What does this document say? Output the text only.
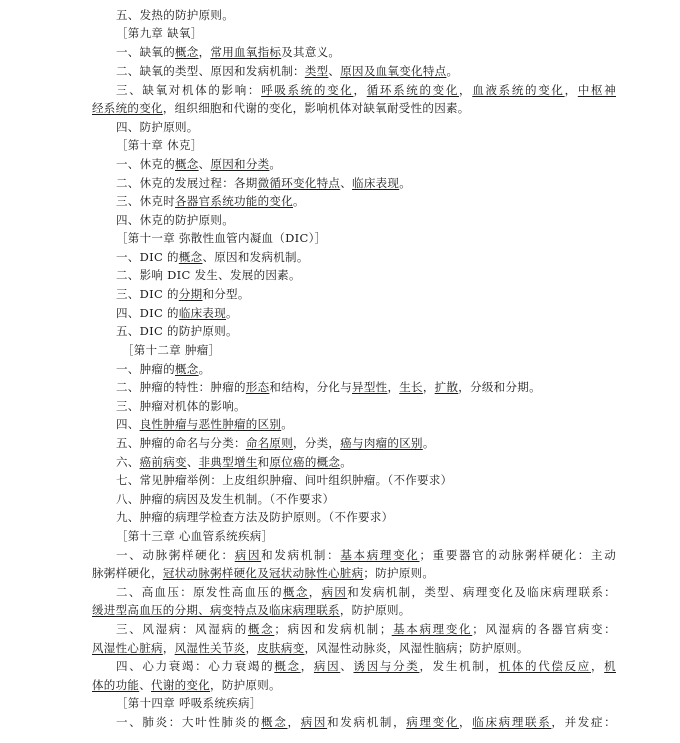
五、发热的防护原则。
［第九章 缺氧］
一、缺氧的概念，常用血氧指标及其意义。
二、缺氧的类型、原因和发病机制：类型、原因及血氧变化特点。
三、缺氧对机体的影响：呼吸系统的变化，循环系统的变化，血液系统的变化，中枢神
经系统的变化，组织细胞和代谢的变化，影响机体对缺氧耐受性的因素。
四、防护原则。
［第十章 休克］
一、休克的概念、原因和分类。
二、休克的发展过程：各期微循环变化特点、临床表现。
三、休克时各器官系统功能的变化。
四、休克的防护原则。
［第十一章 弥散性血管内凝血（DIC）］
一、DIC 的概念、原因和发病机制。
二、影响 DIC 发生、发展的因素。
三、DIC 的分期和分型。
四、DIC 的临床表现。
五、DIC 的防护原则。
［第十二章 肿瘤］
一、肿瘤的概念。
二、肿瘤的特性：肿瘤的形态和结构，分化与异型性，生长，扩散，分级和分期。
三、肿瘤对机体的影响。
四、良性肿瘤与恶性肿瘤的区别。
五、肿瘤的命名与分类：命名原则，分类，癌与肉瘤的区别。
六、癌前病变、非典型增生和原位癌的概念。
七、常见肿瘤举例：上皮组织肿瘤、间叶组织肿瘤。（不作要求）
八、肿瘤的病因及发生机制。（不作要求）
九、肿瘤的病理学检查方法及防护原则。（不作要求）
［第十三章 心血管系统疾病］
一、动脉粥样硬化：病因和发病机制：基本病理变化；重要器官的动脉粥样硬化：主动
脉粥样硬化，冠状动脉粥样硬化及冠状动脉性心脏病；防护原则。
二、高血压：原发性高血压的概念，病因和发病机制，类型、病理变化及临床病理联系：
缓进型高血压的分期、病变特点及临床病理联系，防护原则。
三、风湿病：风湿病的概念；病因和发病机制；基本病理变化；风湿病的各器官病变：
风湿性心脏病，风湿性关节炎，皮肤病变，风湿性动脉炎，风湿性脑病；防护原则。
四、心力衰竭：心力衰竭的概念，病因、诱因与分类，发生机制，机体的代偿反应，机
体的功能、代谢的变化，防护原则。
［第十四章 呼吸系统疾病］
一、肺炎：大叶性肺炎的概念，病因和发病机制，病理变化，临床病理联系，并发症：
